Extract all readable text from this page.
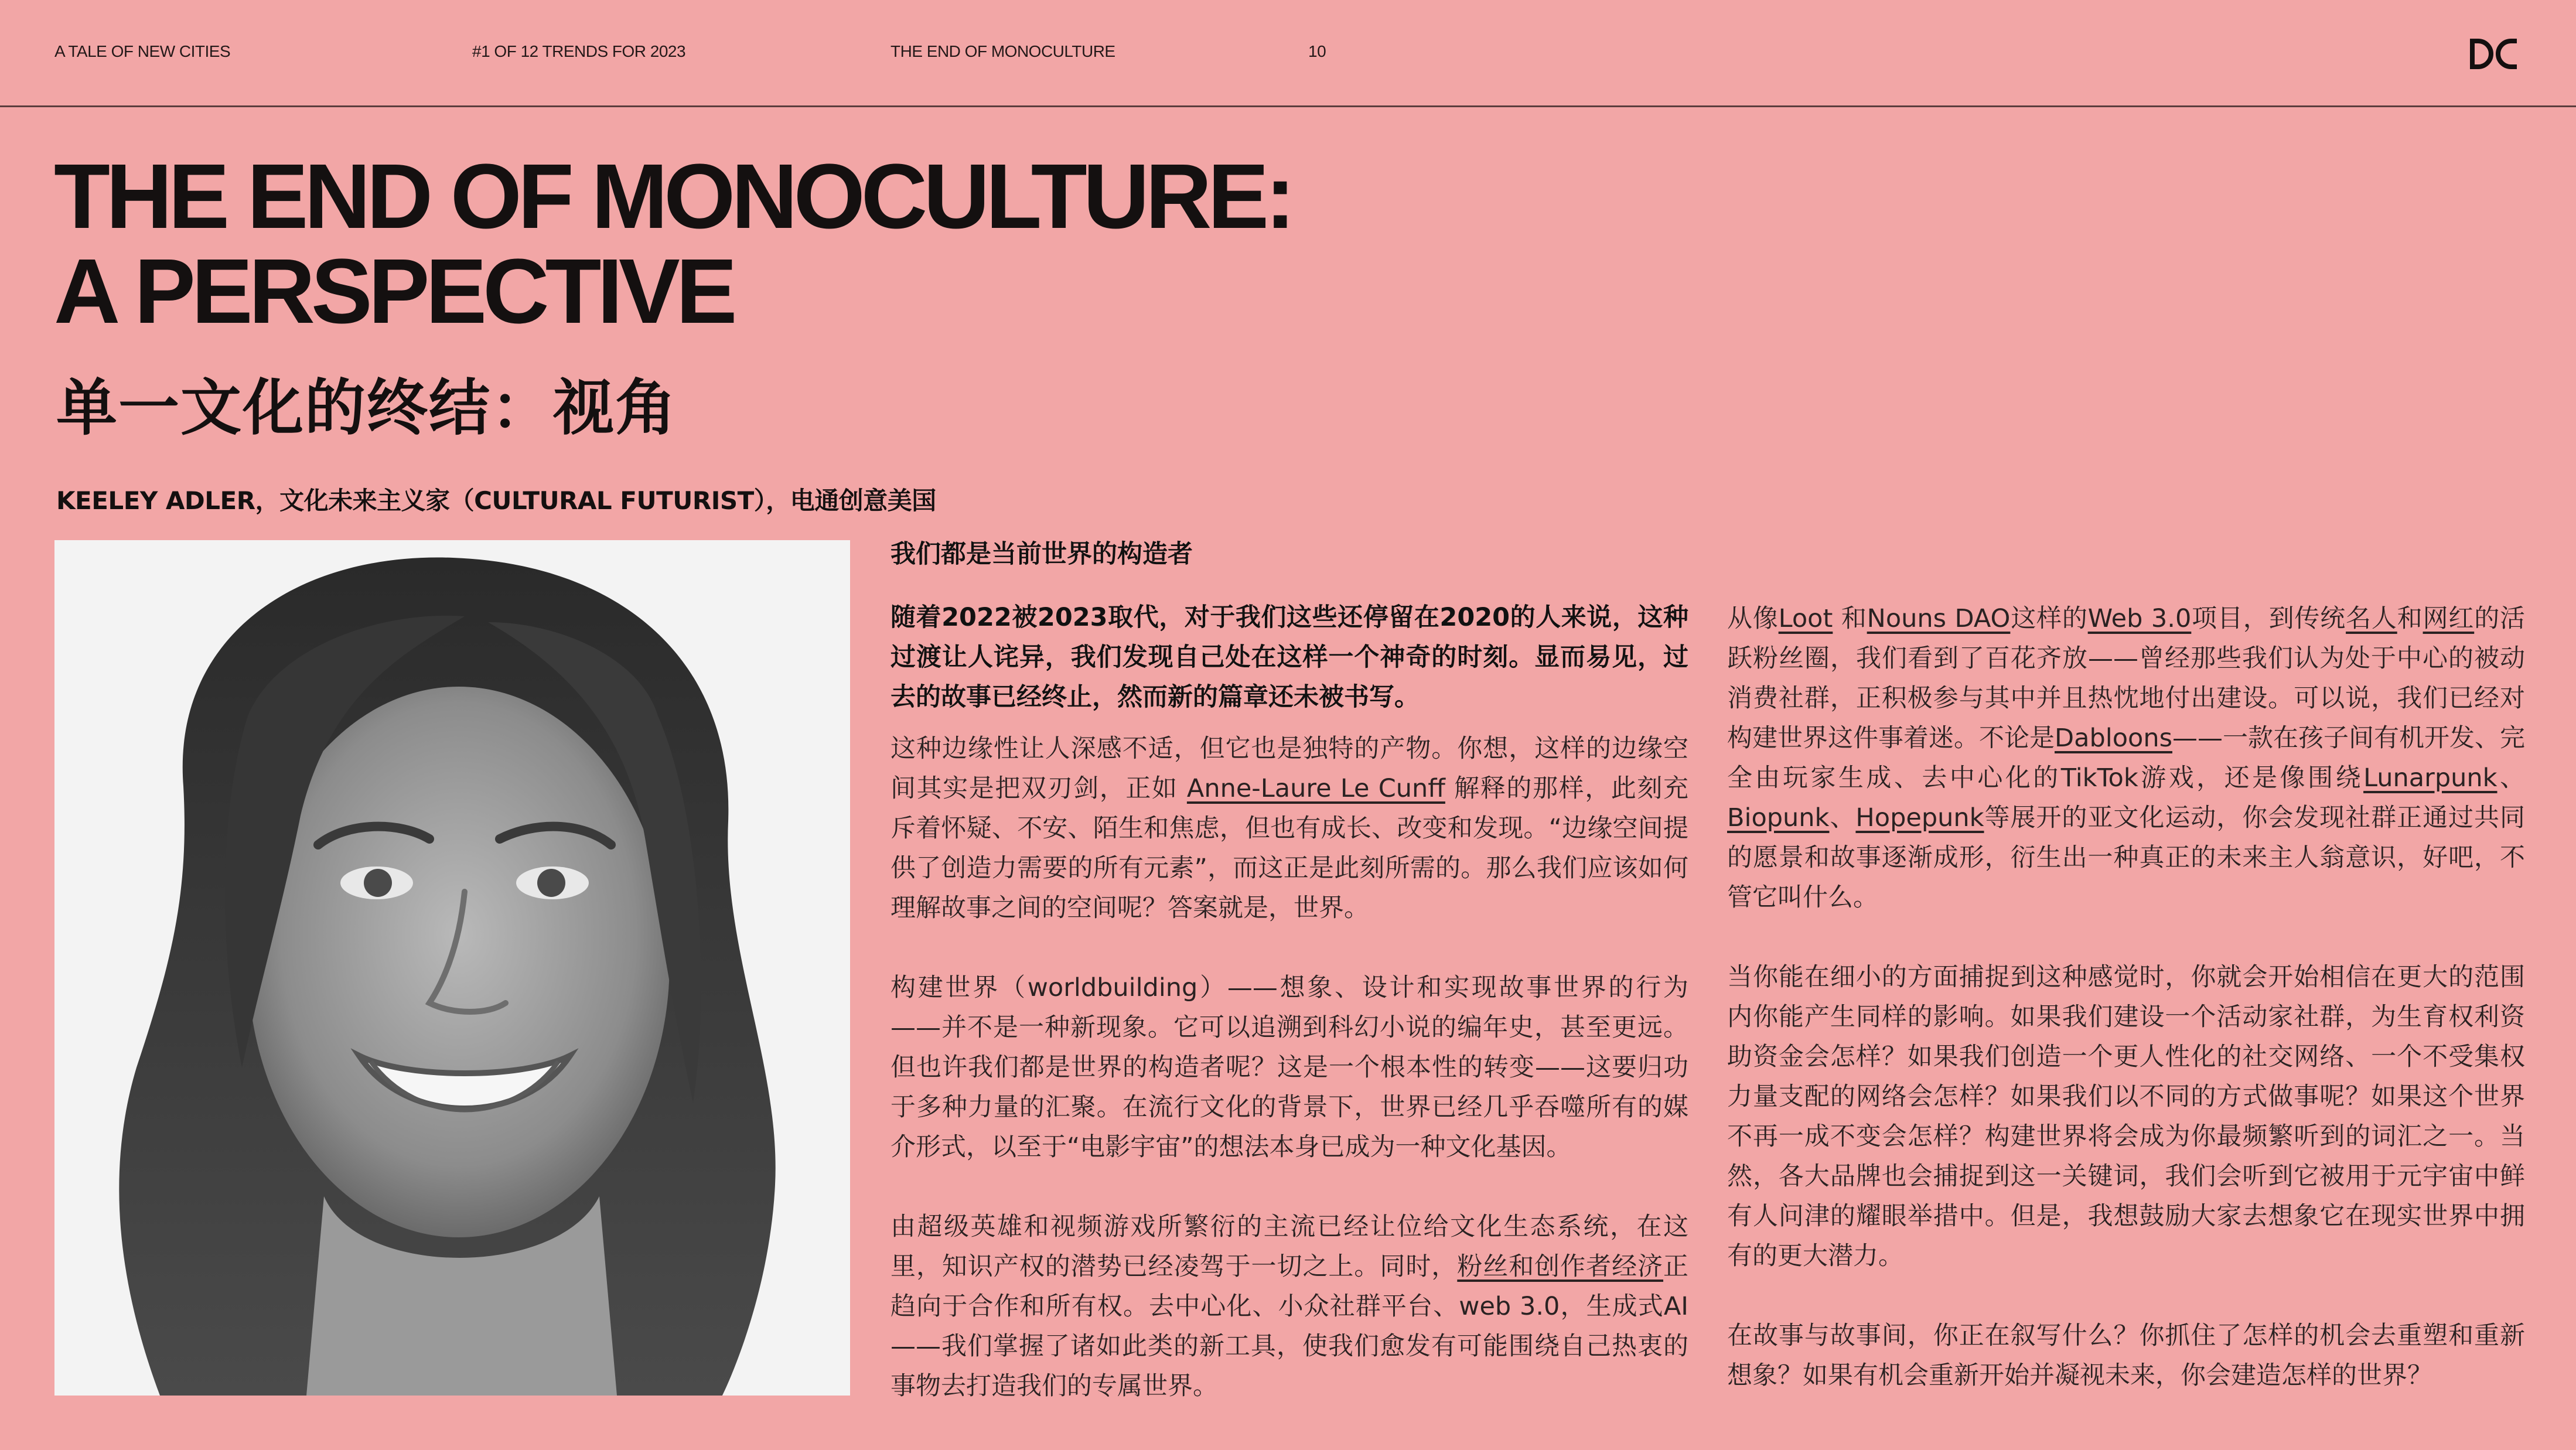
A TALE OF NEW CITIES	#1 OF 12 TRENDS FOR 2023	THE END OF MONOCULTURE	10
THE END OF MONOCULTURE:
A PERSPECTIVE
单一文化的终结：视角
KEELEY ADLER，文化未来主义家（CULTURAL FUTURIST），电通创意美国

我们都是当前世界的构造者

随着2022被2023取代，对于我们这些还停留在2020的人来说，这种过渡让人诧异，我们发现自己处在这样一个神奇的时刻。显而易见，过去的故事已经终止，然而新的篇章还未被书写。

这种边缘性让人深感不适，但它也是独特的产物。你想，这样的边缘空间其实是把双刃剑，正如 Anne-Laure Le Cunff 解释的那样，此刻充斥着怀疑、不安、陌生和焦虑，但也有成长、改变和发现。“边缘空间提供了创造力需要的所有元素”，而这正是此刻所需的。那么我们应该如何理解故事之间的空间呢？答案就是，世界。

构建世界（worldbuilding）——想象、设计和实现故事世界的行为——并不是一种新现象。它可以追溯到科幻小说的编年史，甚至更远。但也许我们都是世界的构造者呢？这是一个根本性的转变——这要归功于多种力量的汇聚。在流行文化的背景下，世界已经几乎吞噬所有的媒介形式，以至于“电影宇宙”的想法本身已成为一种文化基因。

由超级英雄和视频游戏所繁衍的主流已经让位给文化生态系统，在这里，知识产权的潜势已经凌驾于一切之上。同时，粉丝和创作者经济正趋向于合作和所有权。去中心化、小众社群平台、web 3.0，生成式AI——我们掌握了诸如此类的新工具，使我们愈发有可能围绕自己热衷的事物去打造我们的专属世界。

从像Loot 和Nouns DAO这样的Web 3.0项目，到传统名人和网红的活跃粉丝圈，我们看到了百花齐放——曾经那些我们认为处于中心的被动消费社群，正积极参与其中并且热忱地付出建设。可以说，我们已经对构建世界这件事着迷。不论是Dabloons——一款在孩子间有机开发、完全由玩家生成、去中心化的TikTok游戏，还是像围绕Lunarpunk、Biopunk、Hopepunk等展开的亚文化运动，你会发现社群正通过共同的愿景和故事逐渐成形，衍生出一种真正的未来主人翁意识，好吧，不管它叫什么。

当你能在细小的方面捕捉到这种感觉时，你就会开始相信在更大的范围内你能产生同样的影响。如果我们建设一个活动家社群，为生育权利资助资金会怎样？如果我们创造一个更人性化的社交网络、一个不受集权力量支配的网络会怎样？如果我们以不同的方式做事呢？如果这个世界不再一成不变会怎样？构建世界将会成为你最频繁听到的词汇之一。当然，各大品牌也会捕捉到这一关键词，我们会听到它被用于元宇宙中鲜有人问津的耀眼举措中。但是，我想鼓励大家去想象它在现实世界中拥有的更大潜力。

在故事与故事间，你正在叙写什么？你抓住了怎样的机会去重塑和重新想象？如果有机会重新开始并凝视未来，你会建造怎样的世界？
